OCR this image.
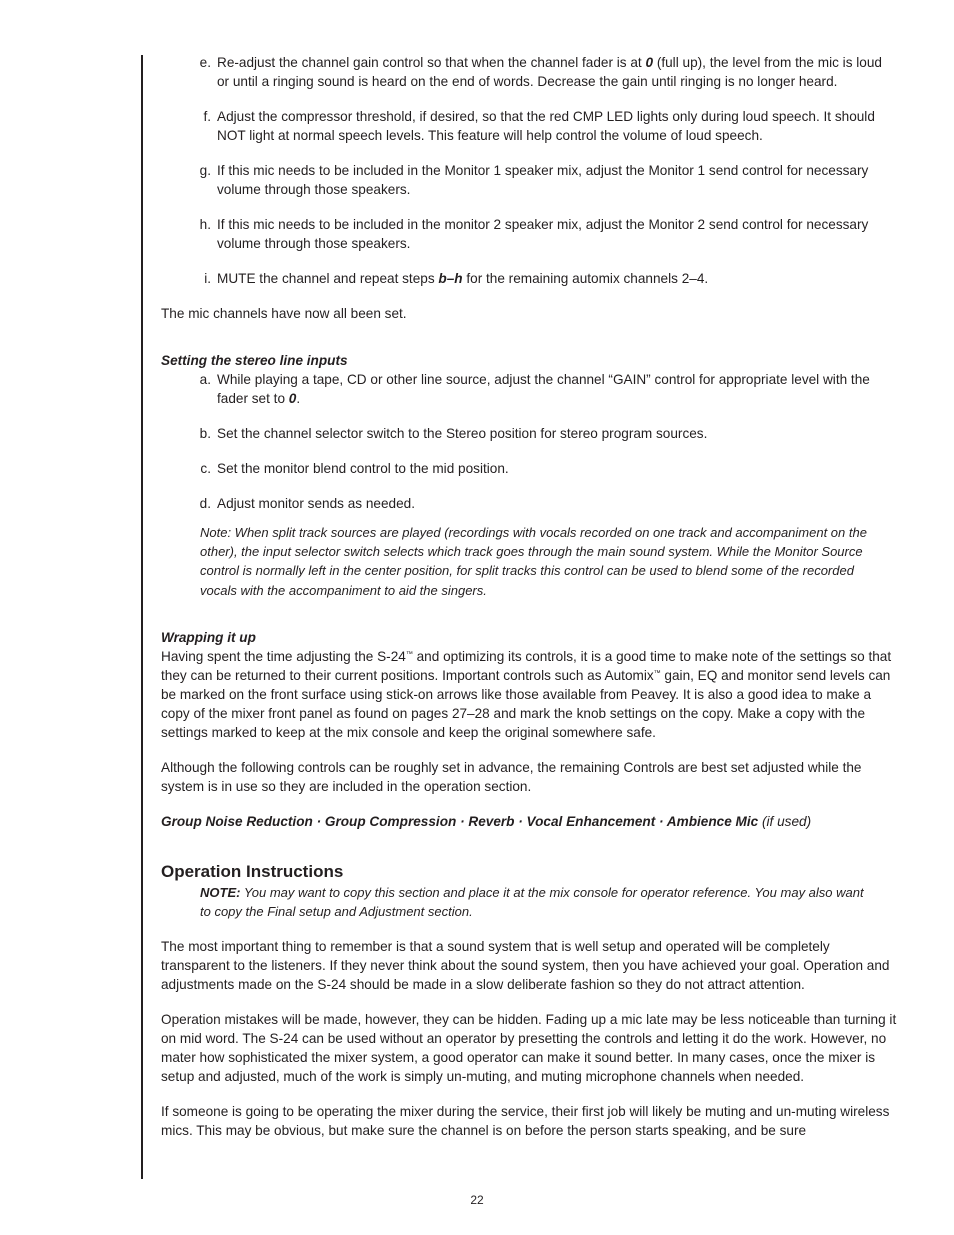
e. Re-adjust the channel gain control so that when the channel fader is at 0 (full up), the level from the mic is loud or until a ringing sound is heard on the end of words. Decrease the gain until ringing is no longer heard.

f. Adjust the compressor threshold, if desired, so that the red CMP LED lights only during loud speech. It should NOT light at normal speech levels. This feature will help control the volume of loud speech.

g. If this mic needs to be included in the Monitor 1 speaker mix, adjust the Monitor 1 send control for necessary volume through those speakers.

h. If this mic needs to be included in the monitor 2 speaker mix, adjust the Monitor 2 send control for necessary volume through those speakers.

i. MUTE the channel and repeat steps b–h for the remaining automix channels 2–4.

The mic channels have now all been set.

Setting the stereo line inputs

a. While playing a tape, CD or other line source, adjust the channel “GAIN” control for appropriate level with the fader set to 0.

b. Set the channel selector switch to the Stereo position for stereo program sources.

c. Set the monitor blend control to the mid position.

d. Adjust monitor sends as needed.

Note: When split track sources are played (recordings with vocals recorded on one track and accompaniment on the other), the input selector switch selects which track goes through the main sound system. While the Monitor Source control is normally left in the center position, for split tracks this control can be used to blend some of the recorded vocals with the accompaniment to aid the singers.

Wrapping it up

Having spent the time adjusting the S-24™ and optimizing its controls, it is a good time to make note of the settings so that they can be returned to their current positions. Important controls such as Automix™ gain, EQ and monitor send levels can be marked on the front surface using stick-on arrows like those available from Peavey. It is also a good idea to make a copy of the mixer front panel as found on pages 27–28 and mark the knob settings on the copy. Make a copy with the settings marked to keep at the mix console and keep the original somewhere safe.

Although the following controls can be roughly set in advance, the remaining Controls are best set adjusted while the system is in use so they are included in the operation section.

Group Noise Reduction · Group Compression · Reverb · Vocal Enhancement · Ambience Mic (if used)

Operation Instructions

NOTE: You may want to copy this section and place it at the mix console for operator reference. You may also want to copy the Final setup and Adjustment section.

The most important thing to remember is that a sound system that is well setup and operated will be completely transparent to the listeners. If they never think about the sound system, then you have achieved your goal. Operation and adjustments made on the S-24 should be made in a slow deliberate fashion so they do not attract attention.

Operation mistakes will be made, however, they can be hidden. Fading up a mic late may be less noticeable than turning it on mid word. The S-24 can be used without an operator by presetting the controls and letting it do the work. However, no mater how sophisticated the mixer system, a good operator can make it sound better. In many cases, once the mixer is setup and adjusted, much of the work is simply un-muting, and muting microphone channels when needed.

If someone is going to be operating the mixer during the service, their first job will likely be muting and un-muting wireless mics. This may be obvious, but make sure the channel is on before the person starts speaking, and be sure

22
